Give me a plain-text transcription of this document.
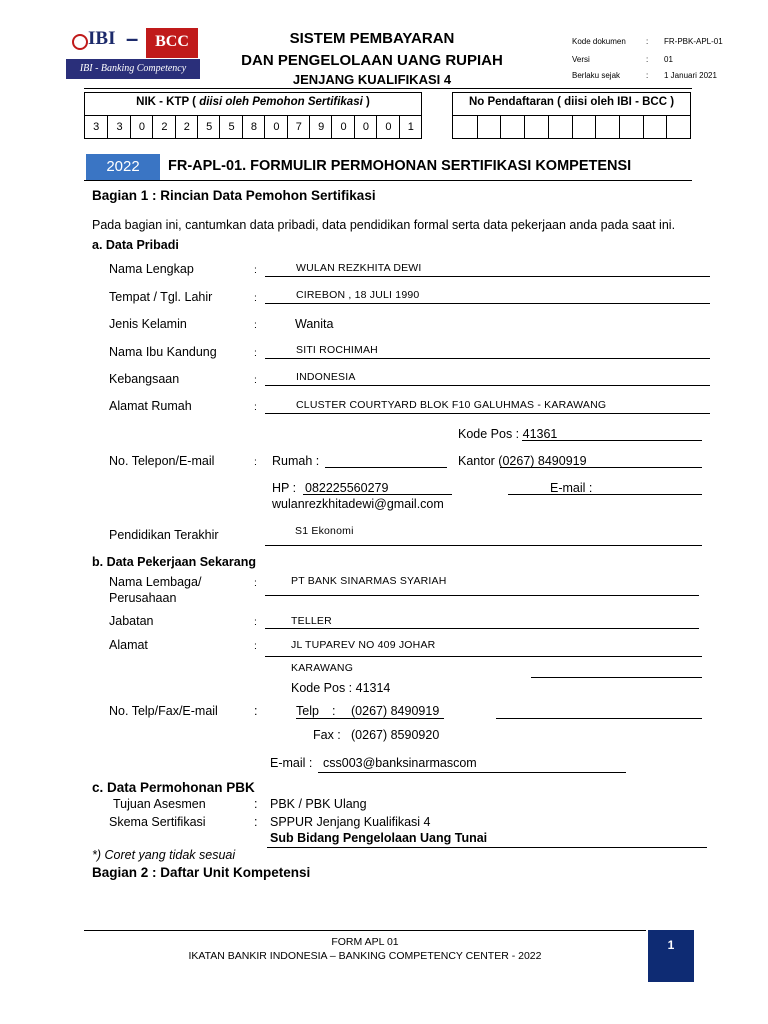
IBI –	BCC
IBI - Banking Competency Center
SISTEM PEMBAYARAN
DAN PENGELOLAAN UANG RUPIAH
JENJANG KUALIFIKASI 4
Kode dokumen	: FR-PBK-APL-01
Versi	: 01
Berlaku sejak	: 1 Januari 2021
NIK - KTP ( diisi oleh Pemohon Sertifikasi )
3	3	0	2	2	5	5	8	0	7	9	0	0	0	1
No Pendaftaran ( diisi oleh IBI - BCC )
2022	FR-APL-01. FORMULIR PERMOHONAN SERTIFIKASI KOMPETENSI
Bagian 1 : Rincian Data Pemohon Sertifikasi
Pada bagian ini, cantumkan data pribadi, data pendidikan formal serta data pekerjaan anda pada saat ini.
a. Data Pribadi
Nama Lengkap	:	WULAN REZKHITA DEWI
Tempat / Tgl. Lahir	:	CIREBON , 18 JULI 1990
Jenis Kelamin	:	Wanita
Nama Ibu Kandung	:	SITI ROCHIMAH
Kebangsaan	:	INDONESIA
Alamat Rumah	:	CLUSTER COURTYARD BLOK F10 GALUHMAS - KARAWANG
Kode Pos : 41361
No. Telepon/E-mail	: Rumah :	Kantor (0267) 8490919
HP : 082225560279	E-mail :
wulanrezkhitadewi@gmail.com
Pendidikan Terakhir	S1 Ekonomi
b. Data Pekerjaan Sekarang
Nama Lembaga/
Perusahaan
:	PT BANK SINARMAS SYARIAH
Jabatan	:	TELLER
Alamat	:	JL TUPAREV NO 409 JOHAR
KARAWANG
Kode Pos : 41314
No. Telp/Fax/E-mail	:	Telp : (0267) 8490919
Fax : (0267) 8590920
E-mail : css003@banksinarmascom
c. Data Permohonan PBK
Tujuan Asesmen	: PBK / PBK Ulang
Skema Sertifikasi	: SPPUR Jenjang Kualifikasi 4
Sub Bidang Pengelolaan Uang Tunai
*) Coret yang tidak sesuai
Bagian 2 : Daftar Unit Kompetensi
FORM APL 01
IKATAN BANKIR INDONESIA – BANKING COMPETENCY CENTER - 2022
1
